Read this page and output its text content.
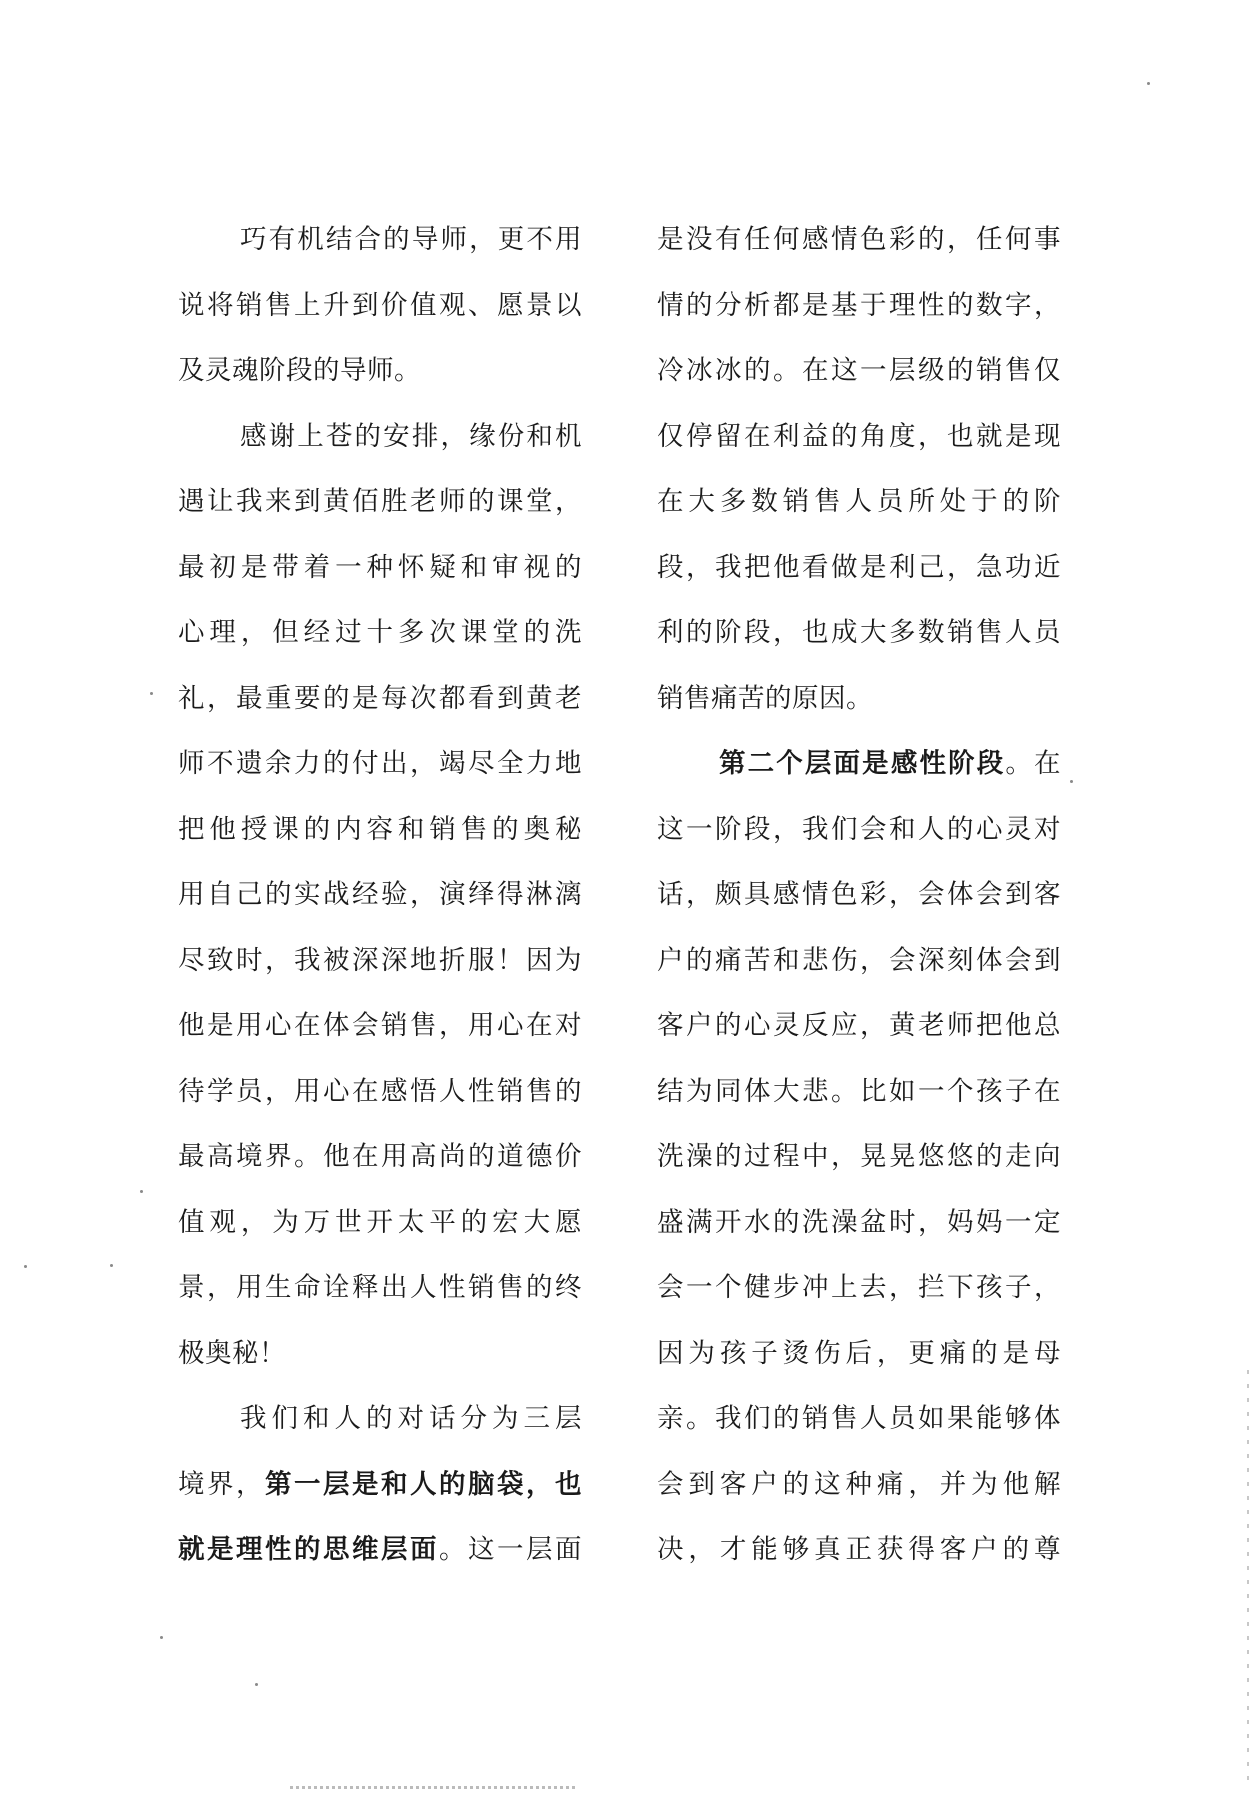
巧有机结合的导师，更不用
说将销售上升到价值观、愿景以
及灵魂阶段的导师。
感谢上苍的安排，缘份和机
遇让我来到黄佰胜老师的课堂，
最初是带着一种怀疑和审视的
心理，但经过十多次课堂的洗
礼，最重要的是每次都看到黄老
师不遗余力的付出，竭尽全力地
把他授课的内容和销售的奥秘
用自己的实战经验，演绎得淋漓
尽致时，我被深深地折服！因为
他是用心在体会销售，用心在对
待学员，用心在感悟人性销售的
最高境界。他在用高尚的道德价
值观，为万世开太平的宏大愿
景，用生命诠释出人性销售的终
极奥秘！
我们和人的对话分为三层
境界，第一层是和人的脑袋，也
就是理性的思维层面。这一层面
是没有任何感情色彩的，任何事
情的分析都是基于理性的数字，
冷冰冰的。在这一层级的销售仅
仅停留在利益的角度，也就是现
在大多数销售人员所处于的阶
段，我把他看做是利己，急功近
利的阶段，也成大多数销售人员
销售痛苦的原因。
第二个层面是感性阶段。在
这一阶段，我们会和人的心灵对
话，颇具感情色彩，会体会到客
户的痛苦和悲伤，会深刻体会到
客户的心灵反应，黄老师把他总
结为同体大悲。比如一个孩子在
洗澡的过程中，晃晃悠悠的走向
盛满开水的洗澡盆时，妈妈一定
会一个健步冲上去，拦下孩子，
因为孩子烫伤后，更痛的是母
亲。我们的销售人员如果能够体
会到客户的这种痛，并为他解
决，才能够真正获得客户的尊
